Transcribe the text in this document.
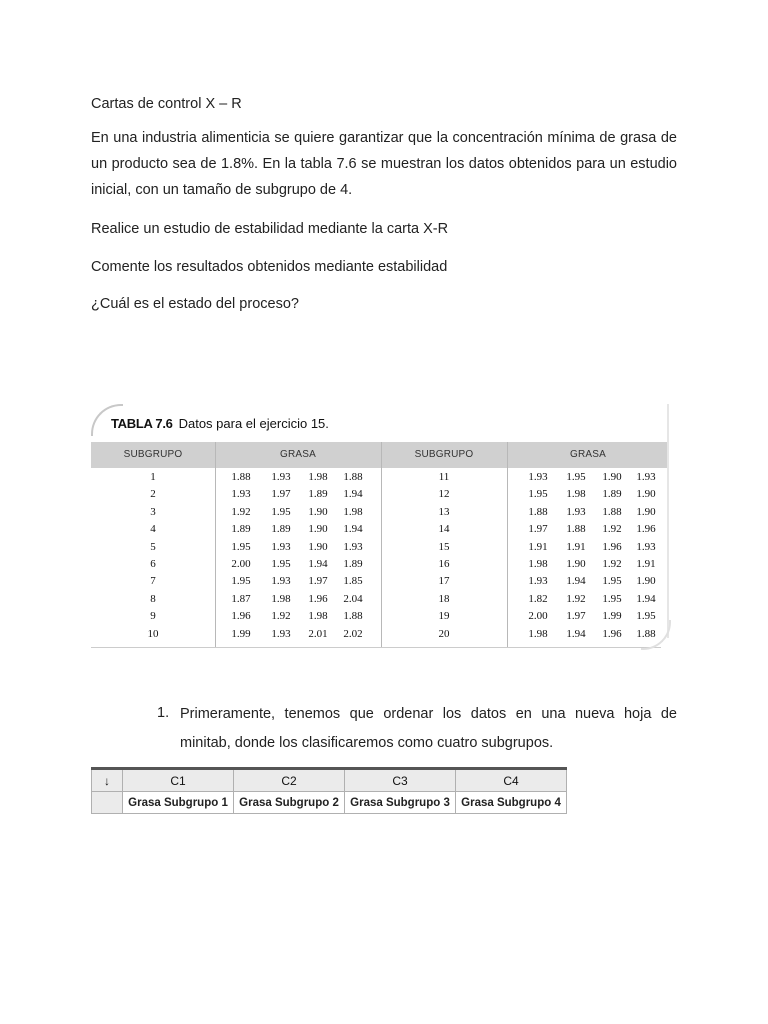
Cartas de control X – R

En una industria alimenticia se quiere garantizar que la concentración mínima de grasa de un producto sea de 1.8%. En la tabla 7.6 se muestran los datos obtenidos para un estudio inicial, con un tamaño de subgrupo de 4.

Realice un estudio de estabilidad mediante la carta X-R

Comente los resultados obtenidos mediante estabilidad

¿Cuál es el estado del proceso?

TABLA 7.6 Datos para el ejercicio 15.
SUBGRUPO	GRASA	SUBGRUPO	GRASA
1	1.88	1.93	1.98	1.88	11	1.93	1.95	1.90	1.93
2	1.93	1.97	1.89	1.94	12	1.95	1.98	1.89	1.90
3	1.92	1.95	1.90	1.98	13	1.88	1.93	1.88	1.90
4	1.89	1.89	1.90	1.94	14	1.97	1.88	1.92	1.96
5	1.95	1.93	1.90	1.93	15	1.91	1.91	1.96	1.93
6	2.00	1.95	1.94	1.89	16	1.98	1.90	1.92	1.91
7	1.95	1.93	1.97	1.85	17	1.93	1.94	1.95	1.90
8	1.87	1.98	1.96	2.04	18	1.82	1.92	1.95	1.94
9	1.96	1.92	1.98	1.88	19	2.00	1.97	1.99	1.95
10	1.99	1.93	2.01	2.02	20	1.98	1.94	1.96	1.88
1. Primeramente, tenemos que ordenar los datos en una nueva hoja de minitab, donde los clasificaremos como cuatro subgrupos.

↓	C1	C2	C3	C4
	Grasa Subgrupo 1	Grasa Subgrupo 2	Grasa Subgrupo 3	Grasa Subgrupo 4
